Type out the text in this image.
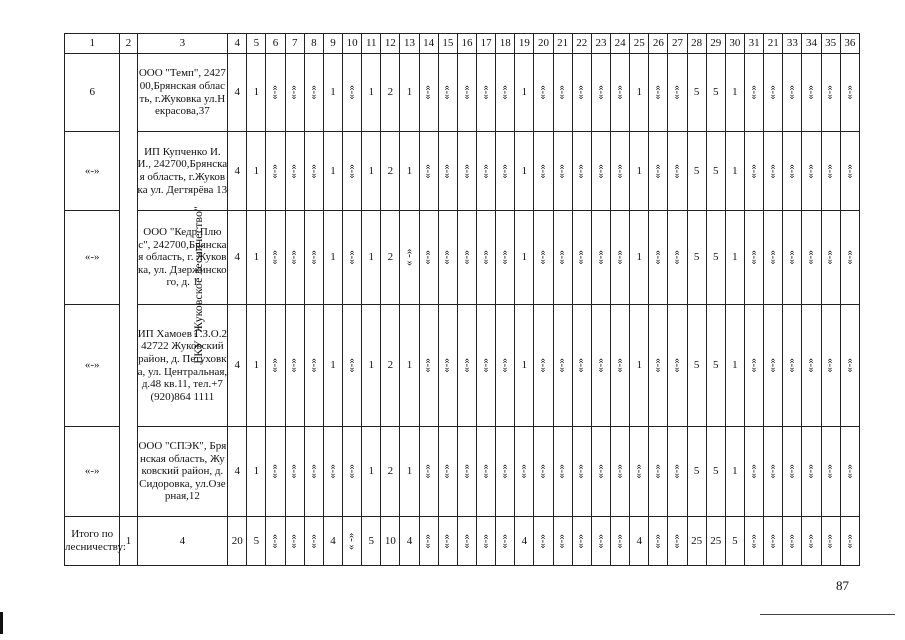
1	2	3	4	5	6	7	8	9	10	11	12	13	14	15	16	17	18	19	20	21	22	23	24	25	26	27	28	29	30	31	21	33	34	35	36
6	ГКУ "Жуковское лесничество"	ООО "Темп", 242700,Брянская область, г.Жуковка ул.Некрасова,37	4	1	«-»	«-»	«-»	1	«-»	1	2	1	«-»	«-»	«-»	«-»	«-»	1	«-»	«-»	«-»	«-»	«-»	1	«-»	«-»	5	5	1	«-»	«-»	«-»	«-»	«-»	«-»
«-»		ИП Купченко И.И., 242700,Брянская область, г.Жуковка ул. Дегтярёва 13	4	1	«-»	«-»	«-»	1	«-»	1	2	1	«-»	«-»	«-»	«-»	«-»	1	«-»	«-»	«-»	«-»	«-»	1	«-»	«-»	5	5	1	«-»	«-»	«-»	«-»	«-»	«-»
«-»		ООО "Кедр Плюс", 242700,Брянская область, г. Жуковка, ул. Дзержинского, д. 1	4	1	«-»	«-»	«-»	1	«-»	1	2	«- »	«-»	«-»	«-»	«-»	«-»	1	«-»	«-»	«-»	«-»	«-»	1	«-»	«-»	5	5	1	«-»	«-»	«-»	«-»	«-»	«-»
«-»		ИП Хамоев Г.З.О.242722 Жуковский район, д. Петуховка, ул. Центральная, д.48 кв.11, тел.+7(920)864 1111	4	1	«-»	«-»	«-»	1	«-»	1	2	1	«-»	«-»	«-»	«-»	«-»	1	«-»	«-»	«-»	«-»	«-»	1	«-»	«-»	5	5	1	«-»	«-»	«-»	«-»	«-»	«-»
«-»		ООО "СПЭК", Брянская область, Жуковский район, д. Сидоровка, ул.Озерная,12	4	1	«-»	«-»	«-»	«-»	«-»	1	2	1	«-»	«-»	«-»	«-»	«-»	«-»	«-»	«-»	«-»	«-»	«-»	«-»	«-»	«-»	5	5	1	«-»	«-»	«-»	«-»	«-»	«-»
Итого по лесничеству:	1	4	20	5	«-»	«-»	«-»	4	«- »	5	10	4	«-»	«-»	«-»	«-»	«-»	4	«-»	«-»	«-»	«-»	«-»	4	«-»	«-»	25	25	5	«-»	«-»	«-»	«-»	«-»	«-»
87
